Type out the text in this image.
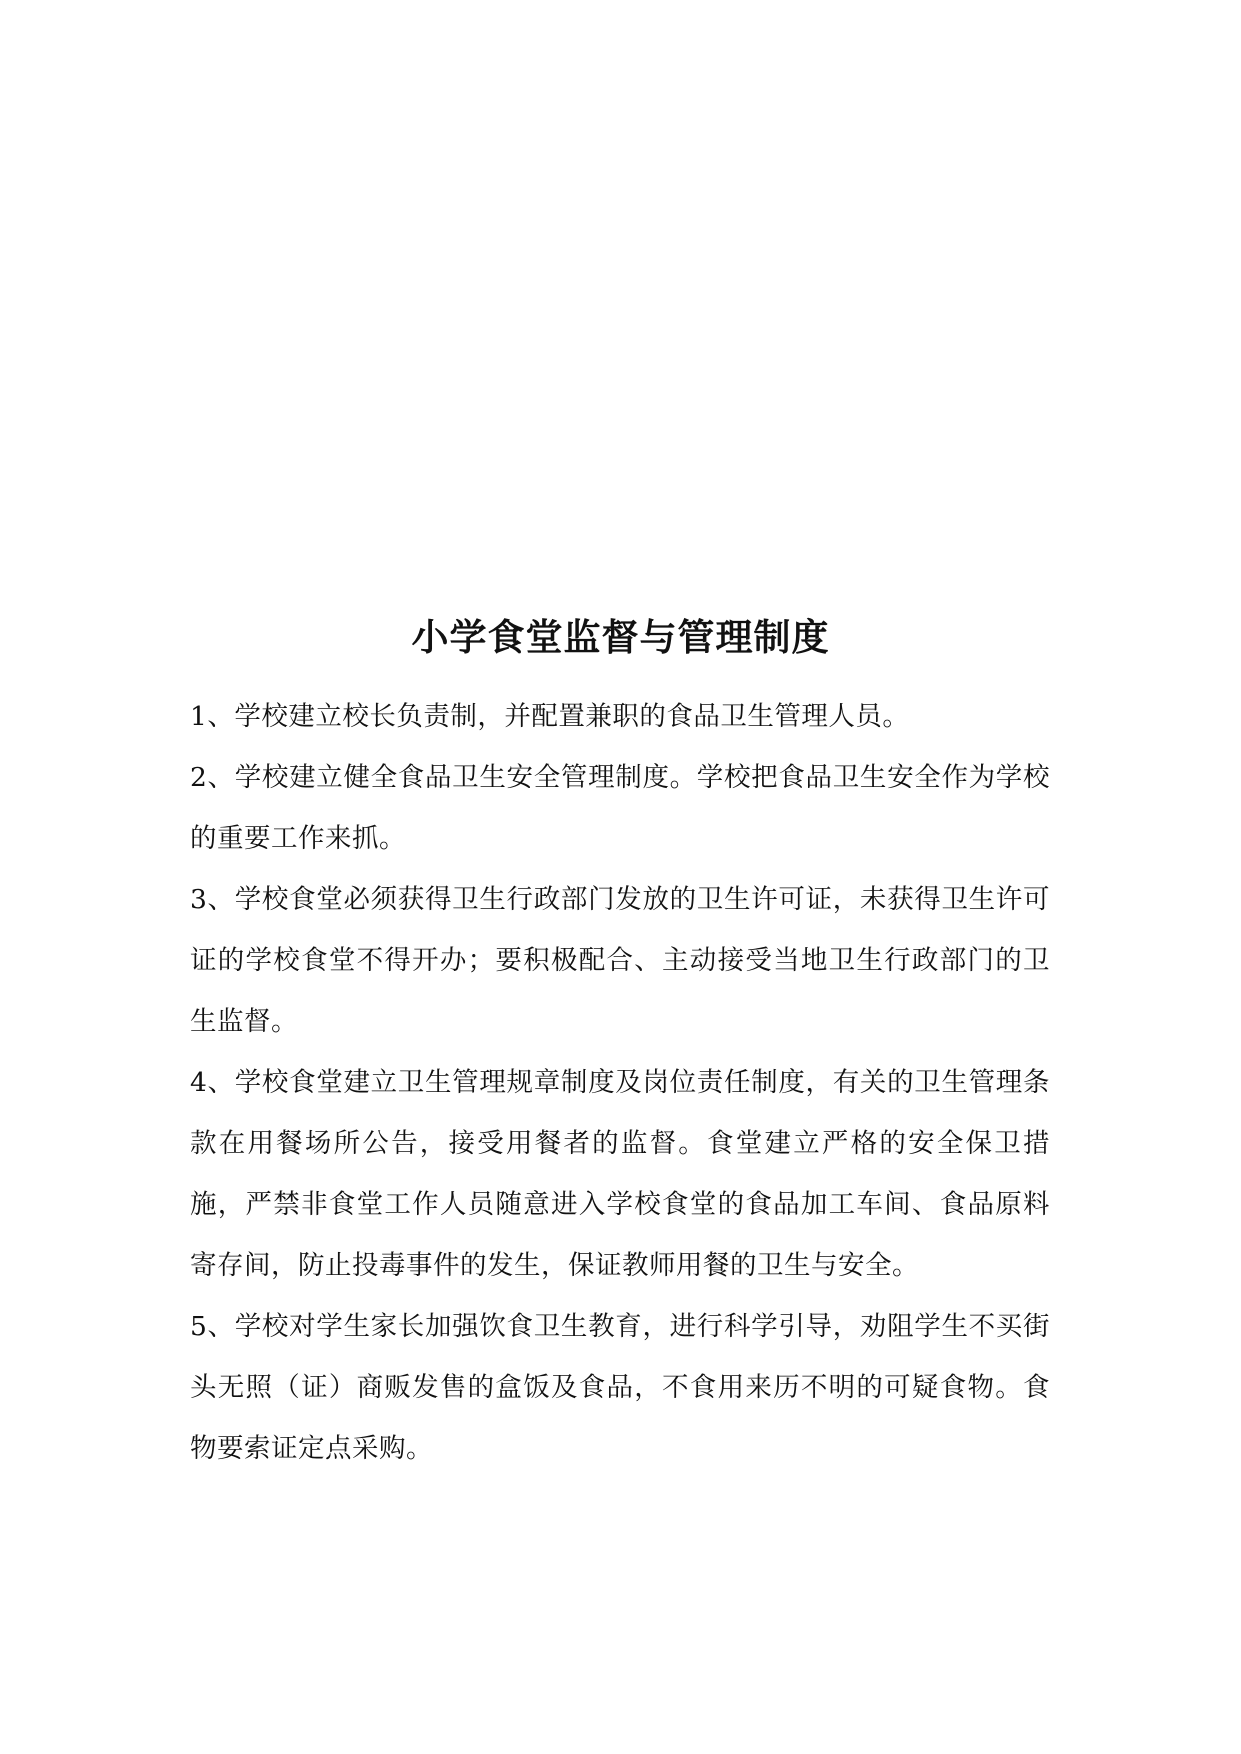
小学食堂监督与管理制度

1、学校建立校长负责制，并配置兼职的食品卫生管理人员。

2、学校建立健全食品卫生安全管理制度。学校把食品卫生安全作为学校的重要工作来抓。

3、学校食堂必须获得卫生行政部门发放的卫生许可证，未获得卫生许可证的学校食堂不得开办；要积极配合、主动接受当地卫生行政部门的卫生监督。

4、学校食堂建立卫生管理规章制度及岗位责任制度，有关的卫生管理条款在用餐场所公告，接受用餐者的监督。食堂建立严格的安全保卫措施，严禁非食堂工作人员随意进入学校食堂的食品加工车间、食品原料寄存间，防止投毒事件的发生，保证教师用餐的卫生与安全。

5、学校对学生家长加强饮食卫生教育，进行科学引导，劝阻学生不买街头无照（证）商贩发售的盒饭及食品，不食用来历不明的可疑食物。食物要索证定点采购。
